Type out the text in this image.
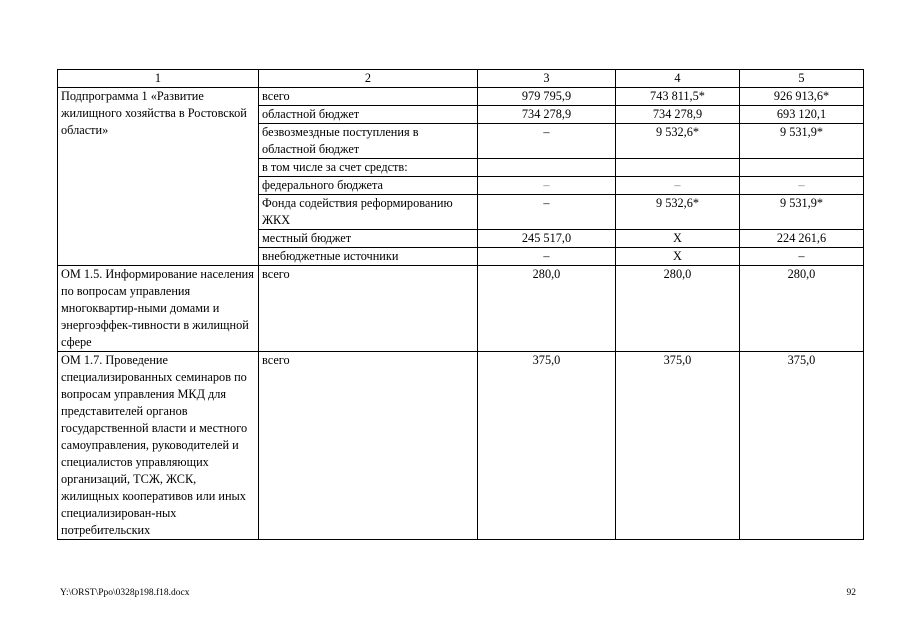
1	2	3	4	5
Подпрограмма 1 «Развитие жилищного хозяйства в Ростовской области»	всего	979 795,9	743 811,5*	926 913,6*
	областной бюджет	734 278,9	734 278,9	693 120,1
	безвозмездные поступления в областной бюджет	–	9 532,6*	9 531,9*
	в том числе за счет средств:			
	федерального бюджета	–	–	–
	Фонда содействия реформированию ЖКХ	–	9 532,6*	9 531,9*
	местный бюджет	245 517,0	Х	224 261,6
	внебюджетные источники	–	Х	–
ОМ 1.5. Информирование населения по вопросам управления многоквартир-ными домами и энергоэффек-тивности в жилищной сфере	всего	280,0	280,0	280,0
ОМ 1.7. Проведение специализированных семинаров по вопросам управления МКД для представителей органов государственной власти и местного самоуправления, руководителей и специалистов управляющих организаций, ТСЖ, ЖСК, жилищных кооперативов или иных специализирован-ных потребительских	всего	375,0	375,0	375,0
Y:\ORST\Ppo\0328p198.f18.docx	92
